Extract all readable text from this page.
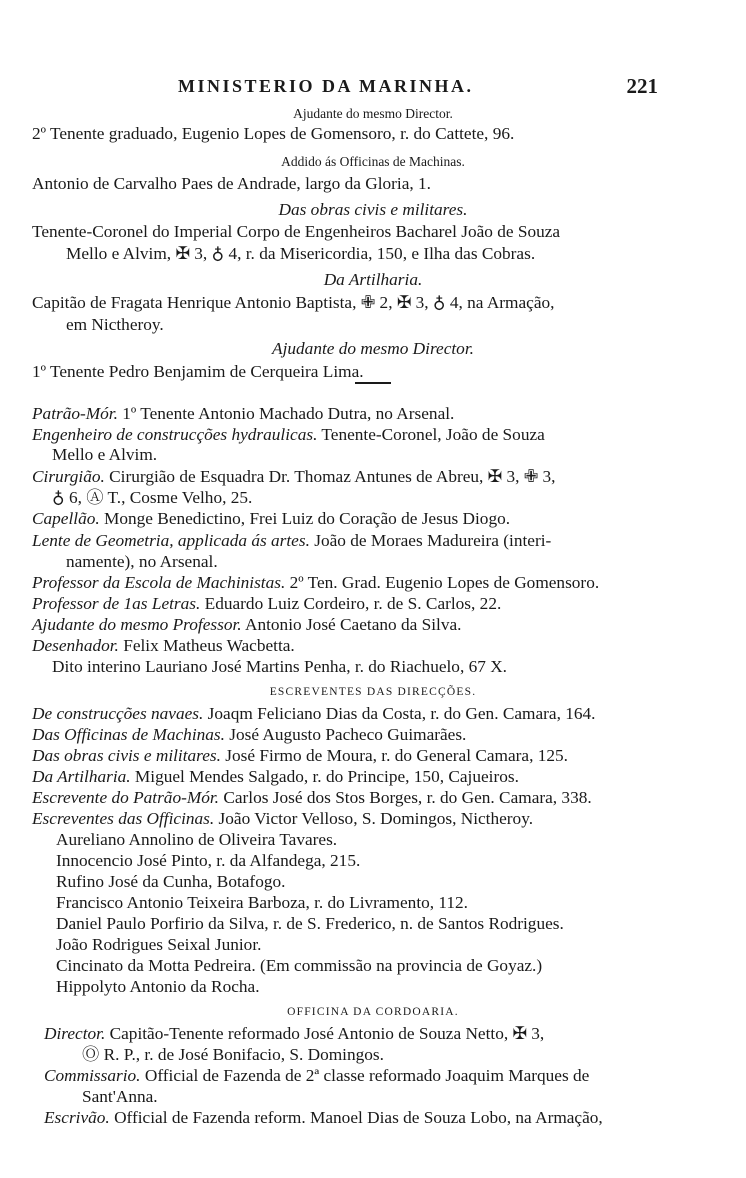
MINISTERIO DA MARINHA.	221
Ajudante do mesmo Director.
2º Tenente graduado, Eugenio Lopes de Gomensoro, r. do Cattete, 96.
Addido ás Officinas de Machinas.
Antonio de Carvalho Paes de Andrade, largo da Gloria, 1.
Das obras civis e militares.
Tenente-Coronel do Imperial Corpo de Engenheiros Bacharel João de Souza
Mello e Alvim, ✠ 3, ♁ 4, r. da Misericordia, 150, e Ilha das Cobras.
Da Artilharia.
Capitão de Fragata Henrique Antonio Baptista, ✙ 2, ✠ 3, ♁ 4, na Armação,
em Nictheroy.
Ajudante do mesmo Director.
1º Tenente Pedro Benjamim de Cerqueira Lima.
Patrão-Mór. 1º Tenente Antonio Machado Dutra, no Arsenal.
Engenheiro de construcções hydraulicas. Tenente-Coronel, João de Souza
Mello e Alvim.
Cirurgião. Cirurgião de Esquadra Dr. Thomaz Antunes de Abreu, ✠ 3, ✙ 3,
♁ 6, Ⓐ T., Cosme Velho, 25.
Capellão. Monge Benedictino, Frei Luiz do Coração de Jesus Diogo.
Lente de Geometria, applicada ás artes. João de Moraes Madureira (interi-
namente), no Arsenal.
Professor da Escola de Machinistas. 2º Ten. Grad. Eugenio Lopes de Gomensoro.
Professor de 1as Letras. Eduardo Luiz Cordeiro, r. de S. Carlos, 22.
Ajudante do mesmo Professor. Antonio José Caetano da Silva.
Desenhador. Felix Matheus Wacbetta.
Dito interino Lauriano José Martins Penha, r. do Riachuelo, 67 X.
ESCREVENTES DAS DIRECÇÕES.
De construcções navaes. Joaqm Feliciano Dias da Costa, r. do Gen. Camara, 164.
Das Officinas de Machinas. José Augusto Pacheco Guimarães.
Das obras civis e militares. José Firmo de Moura, r. do General Camara, 125.
Da Artilharia. Miguel Mendes Salgado, r. do Principe, 150, Cajueiros.
Escrevente do Patrão-Mór. Carlos José dos Stos Borges, r. do Gen. Camara, 338.
Escreventes das Officinas. João Victor Velloso, S. Domingos, Nictheroy.
Aureliano Annolino de Oliveira Tavares.
Innocencio José Pinto, r. da Alfandega, 215.
Rufino José da Cunha, Botafogo.
Francisco Antonio Teixeira Barboza, r. do Livramento, 112.
Daniel Paulo Porfirio da Silva, r. de S. Frederico, n. de Santos Rodrigues.
João Rodrigues Seixal Junior.
Cincinato da Motta Pedreira. (Em commissão na provincia de Goyaz.)
Hippolyto Antonio da Rocha.
OFFICINA DA CORDOARIA.
Director. Capitão-Tenente reformado José Antonio de Souza Netto, ✠ 3,
Ⓞ R. P., r. de José Bonifacio, S. Domingos.
Commissario. Official de Fazenda de 2ª classe reformado Joaquim Marques de
Sant'Anna.
Escrivão. Official de Fazenda reform. Manoel Dias de Souza Lobo, na Armação,
